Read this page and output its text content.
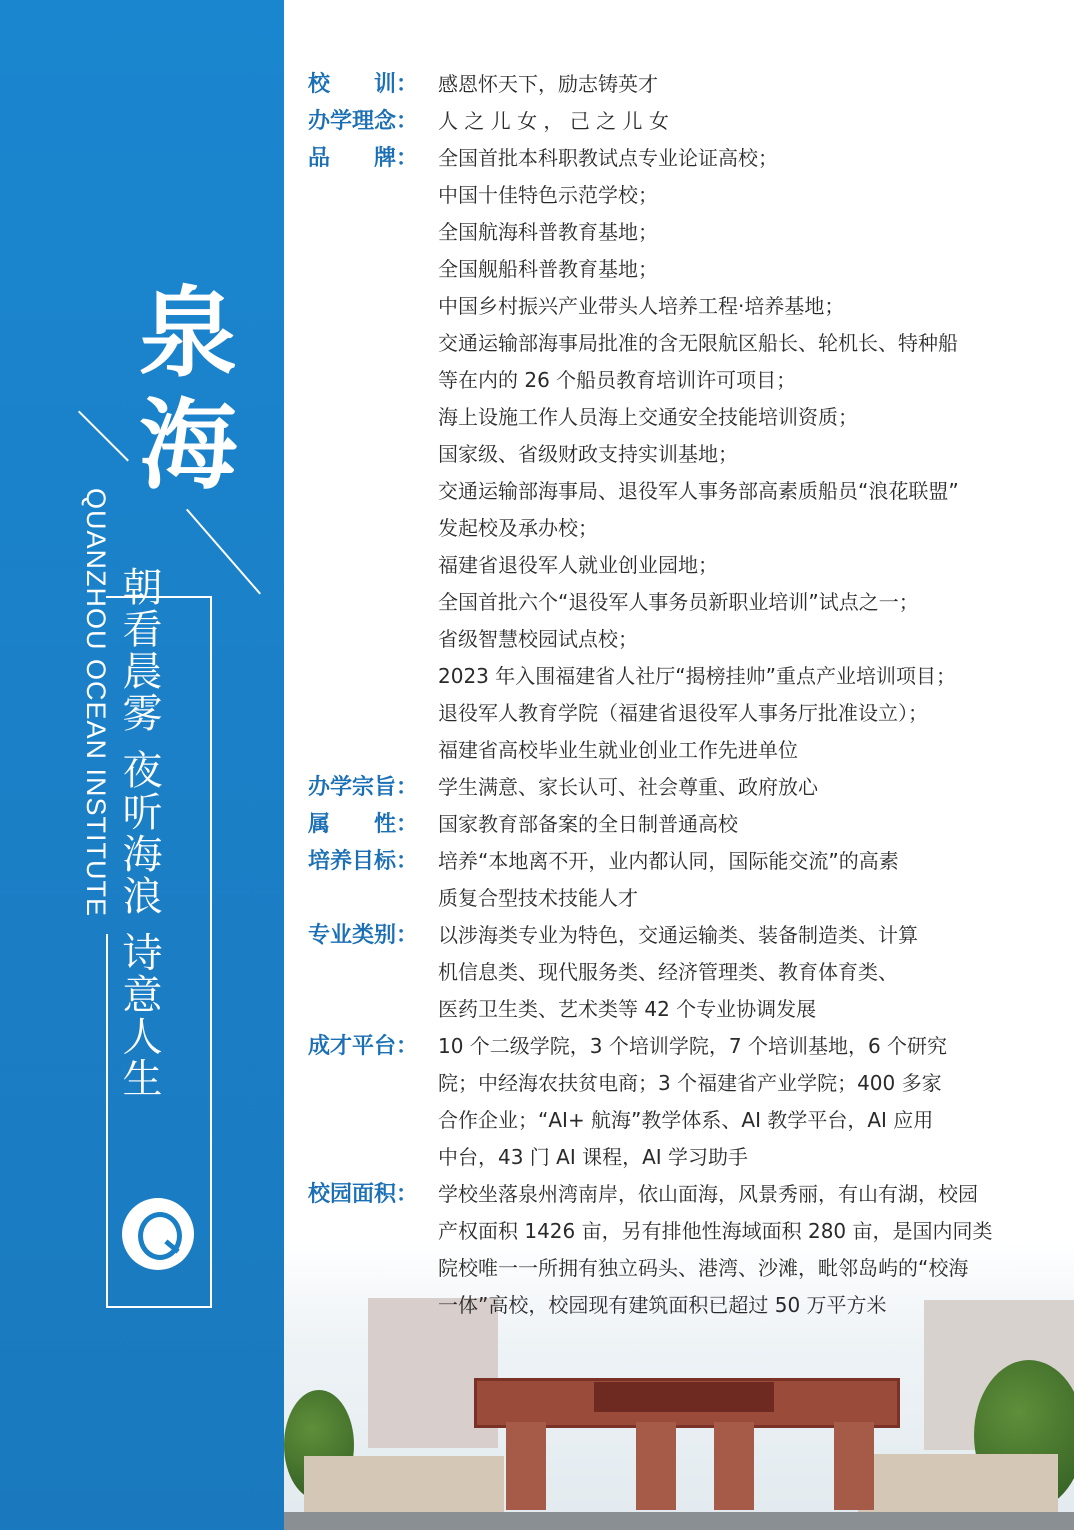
泉
海
QUANZHOU OCEAN INSTITUTE 朝看晨雾 夜听海浪 诗意人生
校　　训： 感恩怀天下，励志铸英才
办学理念： 人 之 儿 女 ， 己 之 儿 女
品　　牌： 全国首批本科职教试点专业论证高校；
中国十佳特色示范学校；
全国航海科普教育基地；
全国舰船科普教育基地；
中国乡村振兴产业带头人培养工程·培养基地；
交通运输部海事局批准的含无限航区船长、轮机长、特种船
等在内的 26 个船员教育培训许可项目；
海上设施工作人员海上交通安全技能培训资质；
国家级、省级财政支持实训基地；
交通运输部海事局、退役军人事务部高素质船员“浪花联盟”
发起校及承办校；
福建省退役军人就业创业园地；
全国首批六个“退役军人事务员新职业培训”试点之一；
省级智慧校园试点校；
2023 年入围福建省人社厅“揭榜挂帅”重点产业培训项目；
退役军人教育学院（福建省退役军人事务厅批准设立）；
福建省高校毕业生就业创业工作先进单位
办学宗旨： 学生满意、家长认可、社会尊重、政府放心
属　　性： 国家教育部备案的全日制普通高校
培养目标： 培养“本地离不开，业内都认同，国际能交流”的高素
质复合型技术技能人才
专业类别： 以涉海类专业为特色，交通运输类、装备制造类、计算
机信息类、现代服务类、经济管理类、教育体育类、
医药卫生类、艺术类等 42 个专业协调发展
成才平台： 10 个二级学院，3 个培训学院，7 个培训基地，6 个研究
院；中经海农扶贫电商；3 个福建省产业学院；400 多家
合作企业；“AI+ 航海”教学体系、AI 教学平台，AI 应用
中台，43 门 AI 课程，AI 学习助手
校园面积： 学校坐落泉州湾南岸，依山面海，风景秀丽，有山有湖，校园
产权面积 1426 亩，另有排他性海域面积 280 亩，是国内同类
院校唯一一所拥有独立码头、港湾、沙滩，毗邻岛屿的“校海
一体”高校，校园现有建筑面积已超过 50 万平方米
